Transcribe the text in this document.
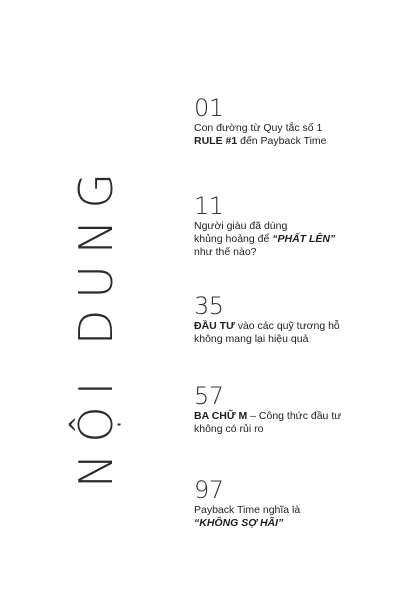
NỘI DUNG
01
Con đường từ Quy tắc số 1
RULE #1 đến Payback Time
11
Người giàu đã dùng
khủng hoảng để “PHẤT LÊN”
như thế nào?
35
ĐẦU TƯ vào các quỹ tương hỗ
không mang lại hiệu quả
57
BA CHỮ M – Công thức đầu tư
không có rủi ro
97
Payback Time nghĩa là
“KHÔNG SỢ HÃI”
